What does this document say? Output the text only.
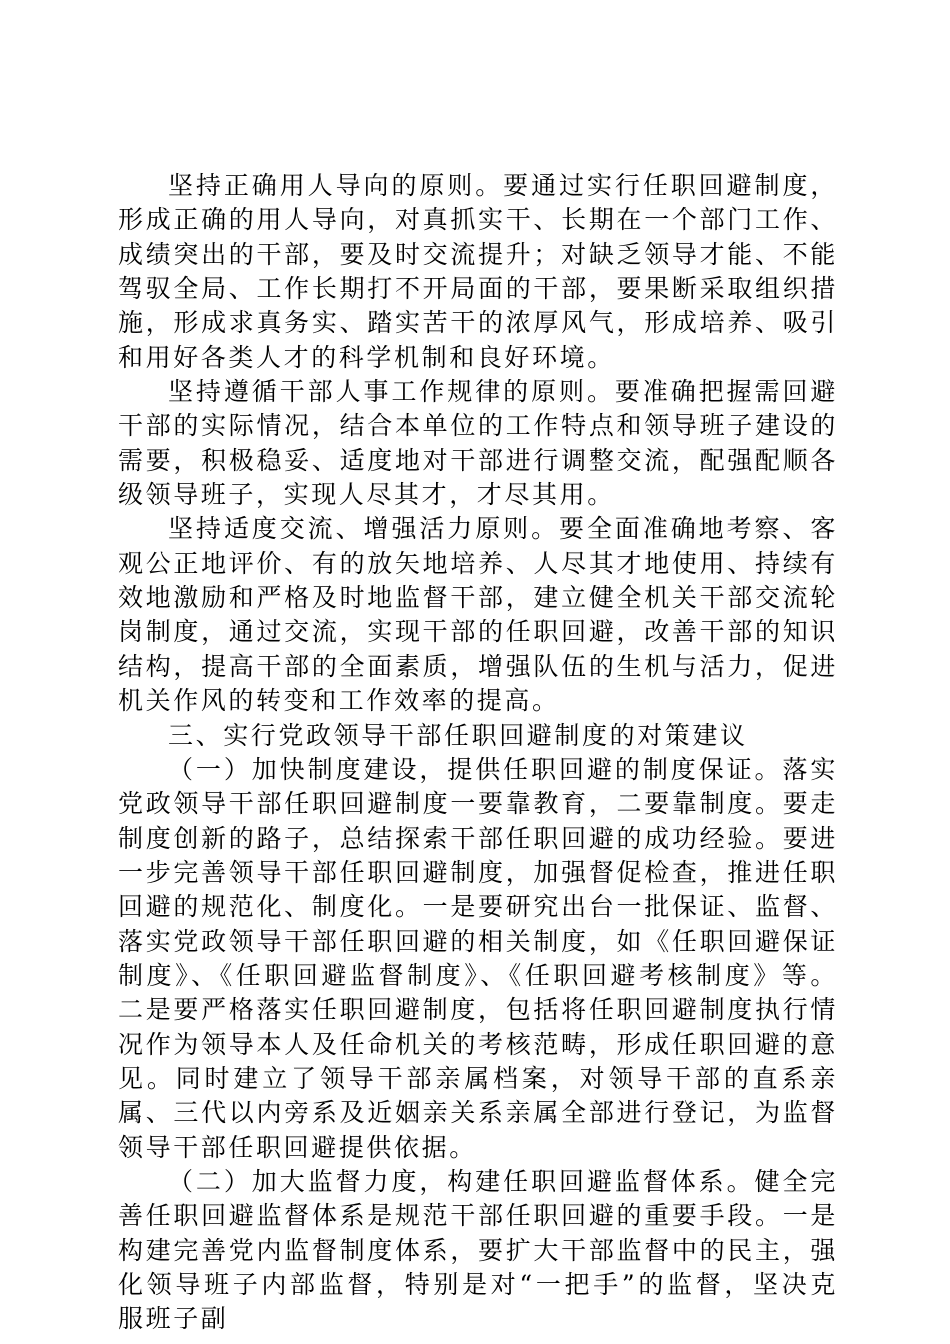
坚持正确用人导向的原则。要通过实行任职回避制度，形成正确的用人导向，对真抓实干、长期在一个部门工作、成绩突出的干部，要及时交流提升；对缺乏领导才能、不能驾驭全局、工作长期打不开局面的干部，要果断采取组织措施，形成求真务实、踏实苦干的浓厚风气，形成培养、吸引和用好各类人才的科学机制和良好环境。

坚持遵循干部人事工作规律的原则。要准确把握需回避干部的实际情况，结合本单位的工作特点和领导班子建设的需要，积极稳妥、适度地对干部进行调整交流，配强配顺各级领导班子，实现人尽其才，才尽其用。

坚持适度交流、增强活力原则。要全面准确地考察、客观公正地评价、有的放矢地培养、人尽其才地使用、持续有效地激励和严格及时地监督干部，建立健全机关干部交流轮岗制度，通过交流，实现干部的任职回避，改善干部的知识结构，提高干部的全面素质，增强队伍的生机与活力，促进机关作风的转变和工作效率的提高。

三、实行党政领导干部任职回避制度的对策建议

（一）加快制度建设，提供任职回避的制度保证。落实党政领导干部任职回避制度一要靠教育，二要靠制度。要走制度创新的路子，总结探索干部任职回避的成功经验。要进一步完善领导干部任职回避制度，加强督促检查，推进任职回避的规范化、制度化。一是要研究出台一批保证、监督、落实党政领导干部任职回避的相关制度，如《任职回避保证制度》、《任职回避监督制度》、《任职回避考核制度》等。二是要严格落实任职回避制度，包括将任职回避制度执行情况作为领导本人及任命机关的考核范畴，形成任职回避的意见。同时建立了领导干部亲属档案，对领导干部的直系亲属、三代以内旁系及近姻亲关系亲属全部进行登记，为监督领导干部任职回避提供依据。

（二）加大监督力度，构建任职回避监督体系。健全完善任职回避监督体系是规范干部任职回避的重要手段。一是构建完善党内监督制度体系，要扩大干部监督中的民主，强化领导班子内部监督，特别是对“一把手”的监督，坚决克服班子副
